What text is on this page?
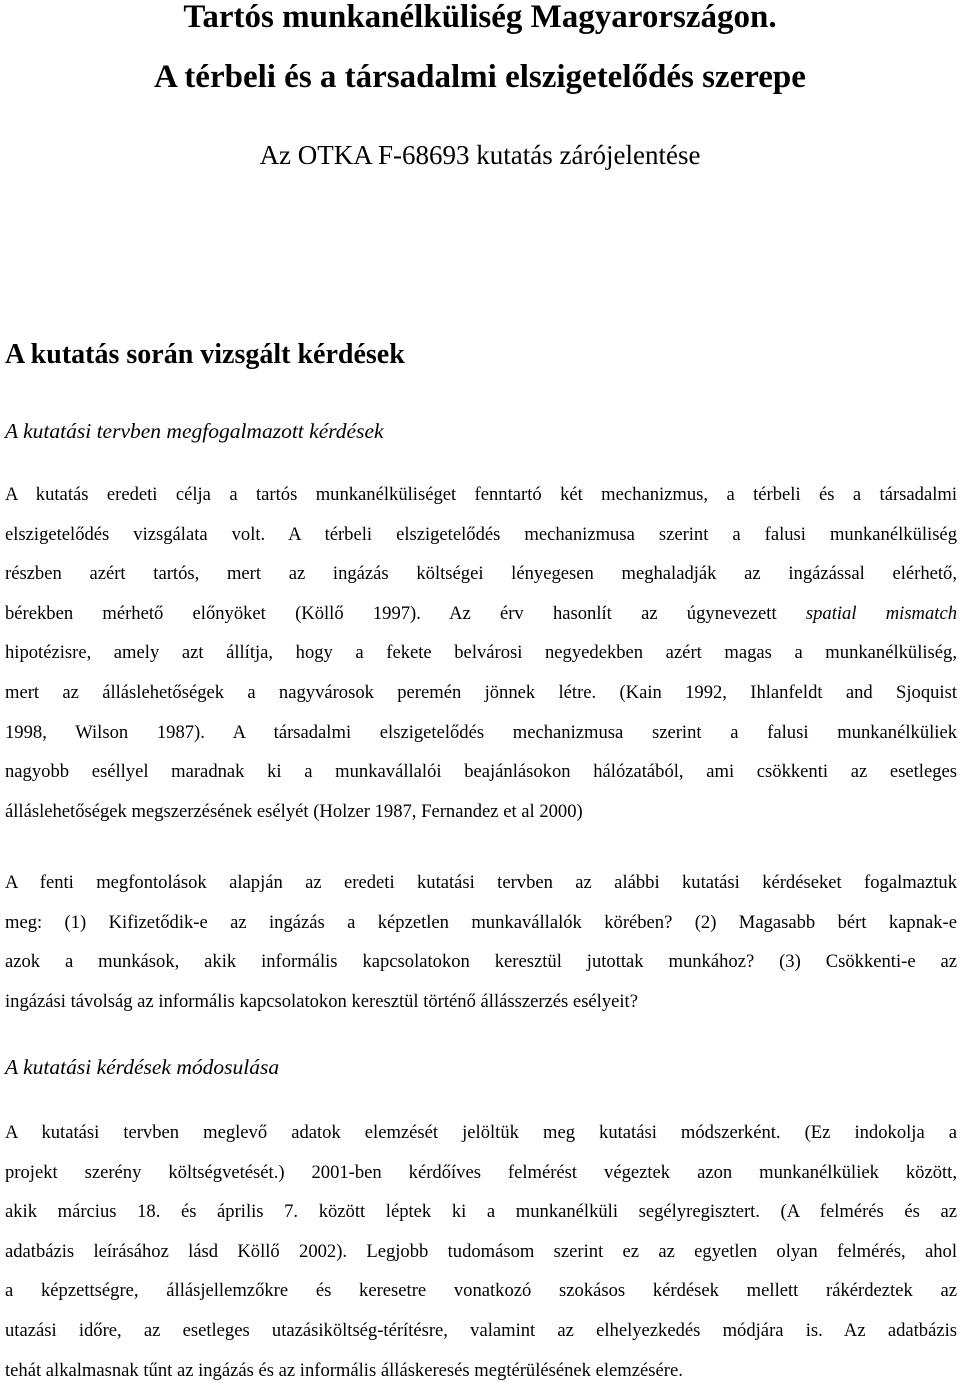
Tartós munkanélküliség Magyarországon.
A térbeli és a társadalmi elszigetelődés szerepe
Az OTKA F-68693 kutatás zárójelentése
A kutatás során vizsgált kérdések
A kutatási tervben megfogalmazott kérdések
A kutatás eredeti célja a tartós munkanélküliséget fenntartó két mechanizmus, a térbeli és a társadalmi
elszigetelődés vizsgálata volt. A térbeli elszigetelődés mechanizmusa szerint a falusi munkanélküliség
részben azért tartós, mert az ingázás költségei lényegesen meghaladják az ingázással elérhető,
bérekben mérhető előnyöket (Köllő 1997). Az érv hasonlít az úgynevezett spatial mismatch
hipotézisre, amely azt állítja, hogy a fekete belvárosi negyedekben azért magas a munkanélküliség,
mert az álláslehetőségek a nagyvárosok peremén jönnek létre. (Kain 1992, Ihlanfeldt and Sjoquist
1998, Wilson 1987). A társadalmi elszigetelődés mechanizmusa szerint a falusi munkanélküliek
nagyobb eséllyel maradnak ki a munkavállalói beajánlásokon hálózatából, ami csökkenti az esetleges
álláslehetőségek megszerzésének esélyét (Holzer 1987, Fernandez et al 2000)
A fenti megfontolások alapján az eredeti kutatási tervben az alábbi kutatási kérdéseket fogalmaztuk
meg: (1) Kifizetődik-e az ingázás a képzetlen munkavállalók körében? (2) Magasabb bért kapnak-e
azok a munkások, akik informális kapcsolatokon keresztül jutottak munkához? (3) Csökkenti-e az
ingázási távolság az informális kapcsolatokon keresztül történő állásszerzés esélyeit?
A kutatási kérdések módosulása
A kutatási tervben meglevő adatok elemzését jelöltük meg kutatási módszerként. (Ez indokolja a
projekt szerény költségvetését.) 2001-ben kérdőíves felmérést végeztek azon munkanélküliek között,
akik március 18. és április 7. között léptek ki a munkanélküli segélyregisztert. (A felmérés és az
adatbázis leírásához lásd Köllő 2002). Legjobb tudomásom szerint ez az egyetlen olyan felmérés, ahol
a képzettségre, állásjellemzőkre és keresetre vonatkozó szokásos kérdések mellett rákérdeztek az
utazási időre, az esetleges utazásiköltség-térítésre, valamint az elhelyezkedés módjára is. Az adatbázis
tehát alkalmasnak tűnt az ingázás és az informális álláskeresés megtérülésének elemzésére.
